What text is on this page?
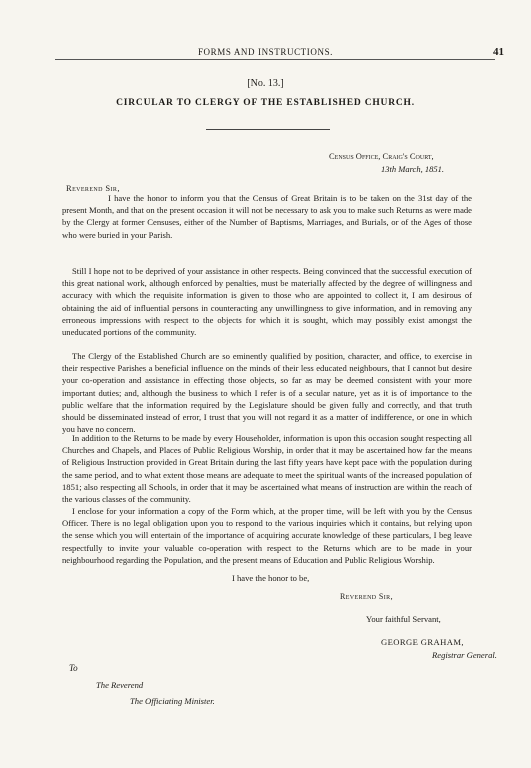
FORMS AND INSTRUCTIONS.	41
[No. 13.]
CIRCULAR TO CLERGY OF THE ESTABLISHED CHURCH.
Census Office, Craig's Court,
13th March, 1851.
Reverend Sir,

I have the honor to inform you that the Census of Great Britain is to be taken on the 31st day of the present Month, and that on the present occasion it will not be necessary to ask you to make such Returns as were made by the Clergy at former Censuses, either of the Number of Baptisms, Marriages, and Burials, or of the Ages of those who were buried in your Parish.

Still I hope not to be deprived of your assistance in other respects. Being convinced that the successful execution of this great national work, although enforced by penalties, must be materially affected by the degree of willingness and accuracy with which the requisite information is given to those who are appointed to collect it, I am desirous of obtaining the aid of influential persons in counteracting any unwillingness to give information, and in removing any erroneous impressions with respect to the objects for which it is sought, which may possibly exist amongst the uneducated portions of the community.

The Clergy of the Established Church are so eminently qualified by position, character, and office, to exercise in their respective Parishes a beneficial influence on the minds of their less educated neighbours, that I cannot but desire your co-operation and assistance in effecting those objects, so far as may be deemed consistent with your more important duties; and, although the business to which I refer is of a secular nature, yet as it is of importance to the public welfare that the information required by the Legislature should be given fully and correctly, and that truth should be disseminated instead of error, I trust that you will not regard it as a matter of indifference, or one in which you have no concern.

In addition to the Returns to be made by every Householder, information is upon this occasion sought respecting all Churches and Chapels, and Places of Public Religious Worship, in order that it may be ascertained how far the means of Religious Instruction provided in Great Britain during the last fifty years have kept pace with the population during the same period, and to what extent those means are adequate to meet the spiritual wants of the increased population of 1851; also respecting all Schools, in order that it may be ascertained what means of instruction are within the reach of the various classes of the community.

I enclose for your information a copy of the Form which, at the proper time, will be left with you by the Census Officer. There is no legal obligation upon you to respond to the various inquiries which it contains, but relying upon the sense which you will entertain of the importance of acquiring accurate knowledge of these particulars, I beg leave respectfully to invite your valuable co-operation with respect to the Returns which are to be made in your neighbourhood regarding the Population, and the present means of Education and Public Religious Worship.

I have the honor to be,
Reverend Sir,
Your faithful Servant,
GEORGE GRAHAM,
Registrar General.
To
The Reverend
The Officiating Minister.
